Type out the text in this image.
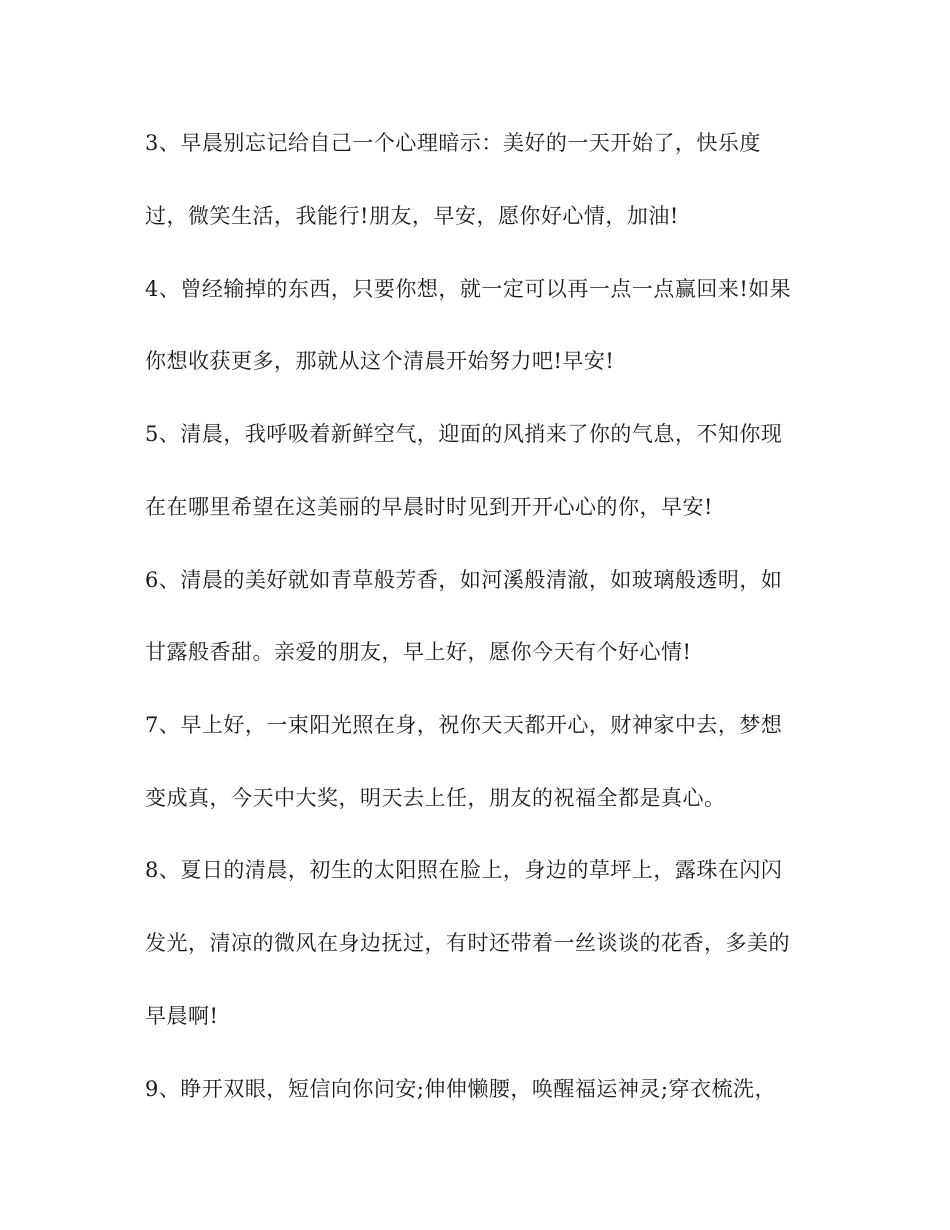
3、早晨别忘记给自己一个心理暗示：美好的一天开始了，快乐度
过，微笑生活，我能行!朋友，早安，愿你好心情，加油!
4、曾经输掉的东西，只要你想，就一定可以再一点一点赢回来!如果
你想收获更多，那就从这个清晨开始努力吧!早安!
5、清晨，我呼吸着新鲜空气，迎面的风捎来了你的气息，不知你现
在在哪里希望在这美丽的早晨时时见到开开心心的你，早安!
6、清晨的美好就如青草般芳香，如河溪般清澈，如玻璃般透明，如
甘露般香甜。亲爱的朋友，早上好，愿你今天有个好心情!
7、早上好，一束阳光照在身，祝你天天都开心，财神家中去，梦想
变成真，今天中大奖，明天去上任，朋友的祝福全都是真心。
8、夏日的清晨，初生的太阳照在脸上，身边的草坪上，露珠在闪闪
发光，清凉的微风在身边抚过，有时还带着一丝谈谈的花香，多美的
早晨啊!
9、睁开双眼，短信向你问安;伸伸懒腰，唤醒福运神灵;穿衣梳洗，
